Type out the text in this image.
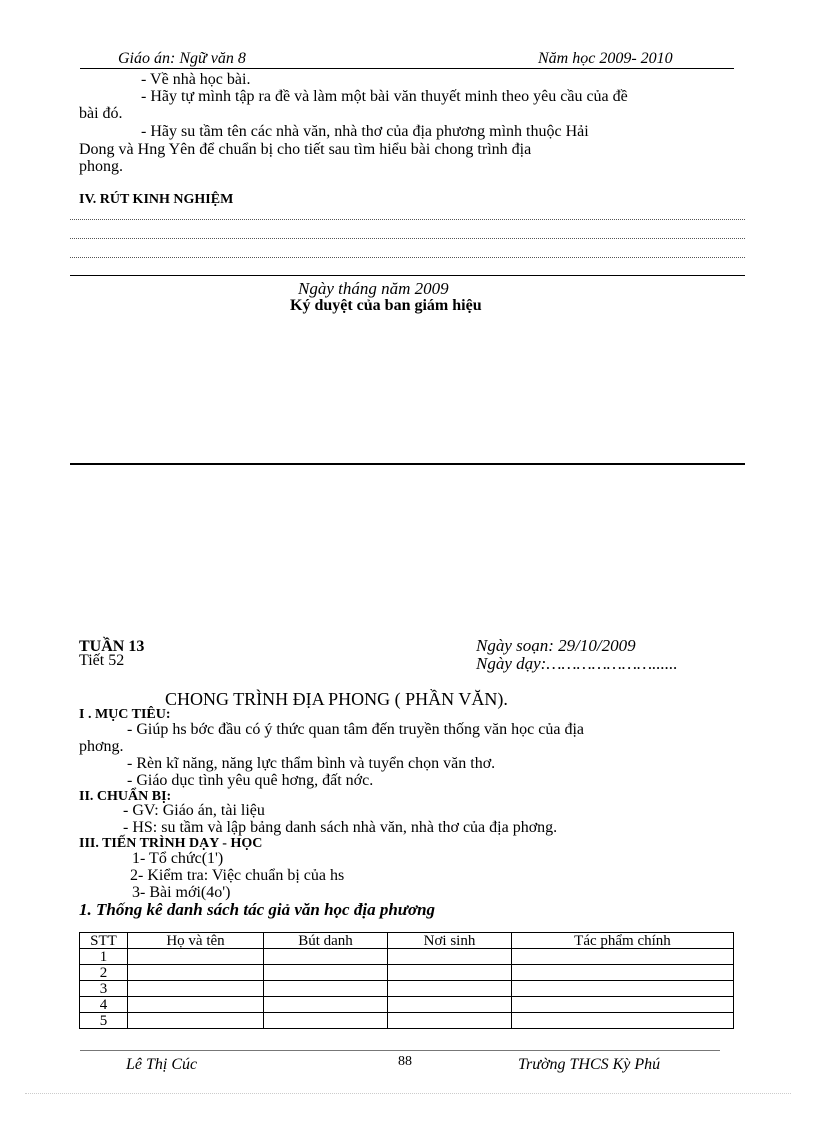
Giáo án: Ngữ văn 8	Năm học 2009- 2010
- Về nhà học bài.
- Hãy tự mình tập ra đề và làm một bài văn thuyết minh theo yêu cầu của đề
bài đó.
- Hãy su tầm tên các nhà văn, nhà thơ của địa phương mình thuộc Hải
Dong và Hng Yên để chuẩn bị cho tiết sau tìm hiểu bài chong trình địa
phong.
IV. RÚT KINH NGHIỆM
Ngày tháng năm 2009
Ký duyệt của ban giám hiệu
TUẦN 13
Tiết 52
Ngày soạn: 29/10/2009
Ngày dạy:…………………......
CHONG TRÌNH ĐỊA PHONG ( PHẦN VĂN).
I . MỤC TIÊU:
- Giúp hs bớc đầu có ý thức quan tâm đến truyền thống văn học của địa
phơng.
- Rèn kĩ năng, năng lực thẩm bình và tuyển chọn văn thơ.
- Giáo dục tình yêu quê hơng, đất nớc.
II. CHUẨN BỊ:
- GV: Giáo án, tài liệu
- HS: su tầm và lập bảng danh sách nhà văn, nhà thơ của địa phơng.
III. TIẾN TRÌNH DẠY - HỌC
1- Tổ chức(1')
2- Kiểm tra: Việc chuẩn bị của hs
3- Bài mới(4o')
1. Thống kê danh sách tác giả văn học địa phương
STT	Họ và tên	Bút danh	Nơi sinh	Tác phẩm chính
1				
2				
3				
4				
5				
Lê Thị Cúc	88	Trường THCS Kỳ Phú
